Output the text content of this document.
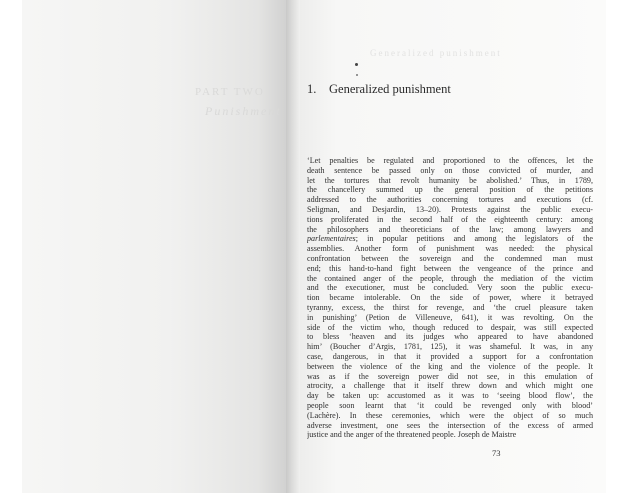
PART TWO
Punishment
Generalized punishment
1. Generalized punishment
‘Let penalties be regulated and proportioned to the offences, let the
death sentence be passed only on those convicted of murder, and
let the tortures that revolt humanity be abolished.’ Thus, in 1789,
the chancellery summed up the general position of the petitions
addressed to the authorities concerning tortures and executions (cf.
Seligman, and Desjardin, 13–20). Protests against the public execu-
tions proliferated in the second half of the eighteenth century: among
the philosophers and theoreticians of the law; among lawyers and
parlementaires; in popular petitions and among the legislators of the
assemblies. Another form of punishment was needed: the physical
confrontation between the sovereign and the condemned man must
end; this hand-to-hand fight between the vengeance of the prince and
the contained anger of the people, through the mediation of the victim
and the executioner, must be concluded. Very soon the public execu-
tion became intolerable. On the side of power, where it betrayed
tyranny, excess, the thirst for revenge, and ‘the cruel pleasure taken
in punishing’ (Petion de Villeneuve, 641), it was revolting. On the
side of the victim who, though reduced to despair, was still expected
to bless ‘heaven and its judges who appeared to have abandoned
him’ (Boucher d’Argis, 1781, 125), it was shameful. It was, in any
case, dangerous, in that it provided a support for a confrontation
between the violence of the king and the violence of the people. It
was as if the sovereign power did not see, in this emulation of
atrocity, a challenge that it itself threw down and which might one
day be taken up: accustomed as it was to ‘seeing blood flow’, the
people soon learnt that ‘it could be revenged only with blood’
(Lachère). In these ceremonies, which were the object of so much
adverse investment, one sees the intersection of the excess of armed
justice and the anger of the threatened people. Joseph de Maistre
73
